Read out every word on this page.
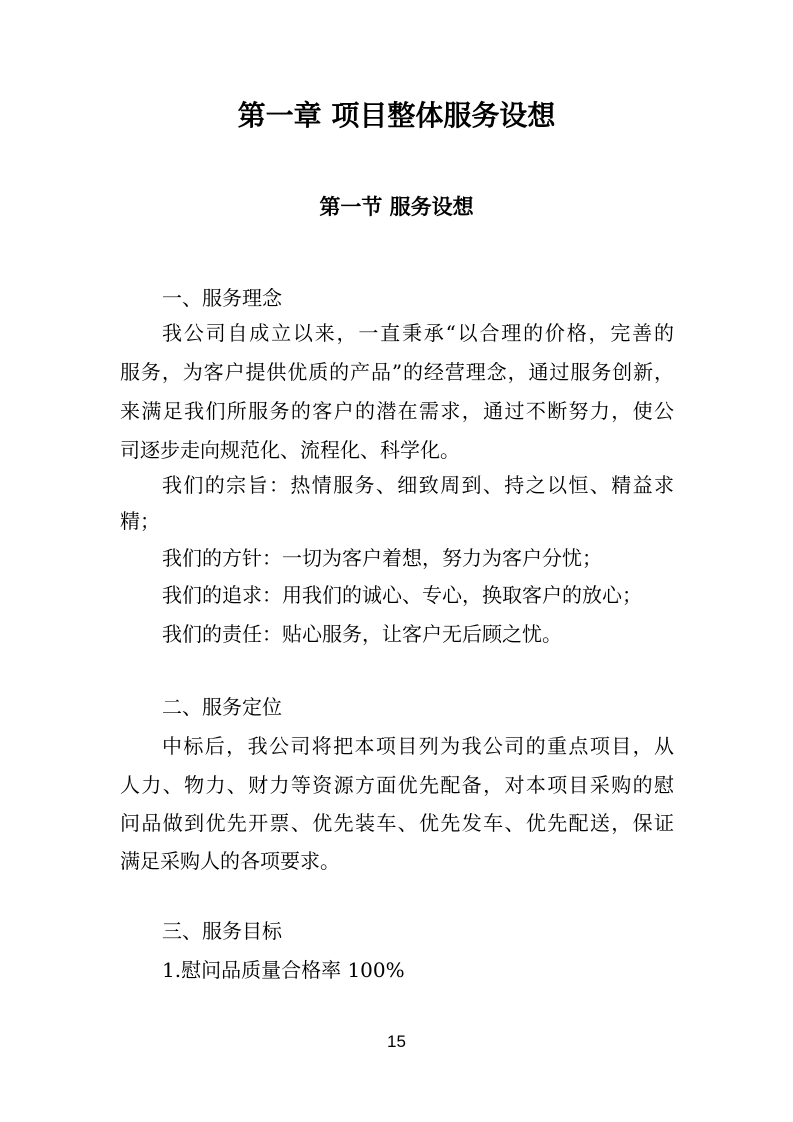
第一章 项目整体服务设想
第一节 服务设想
一、服务理念
我公司自成立以来，一直秉承“以合理的价格，完善的
服务，为客户提供优质的产品”的经营理念，通过服务创新，
来满足我们所服务的客户的潜在需求，通过不断努力，使公
司逐步走向规范化、流程化、科学化。
我们的宗旨：热情服务、细致周到、持之以恒、精益求
精；
我们的方针：一切为客户着想，努力为客户分忧；
我们的追求：用我们的诚心、专心，换取客户的放心；
我们的责任：贴心服务，让客户无后顾之忧。
二、服务定位
中标后，我公司将把本项目列为我公司的重点项目，从
人力、物力、财力等资源方面优先配备，对本项目采购的慰
问品做到优先开票、优先装车、优先发车、优先配送，保证
满足采购人的各项要求。
三、服务目标
1.慰问品质量合格率 100%
15
